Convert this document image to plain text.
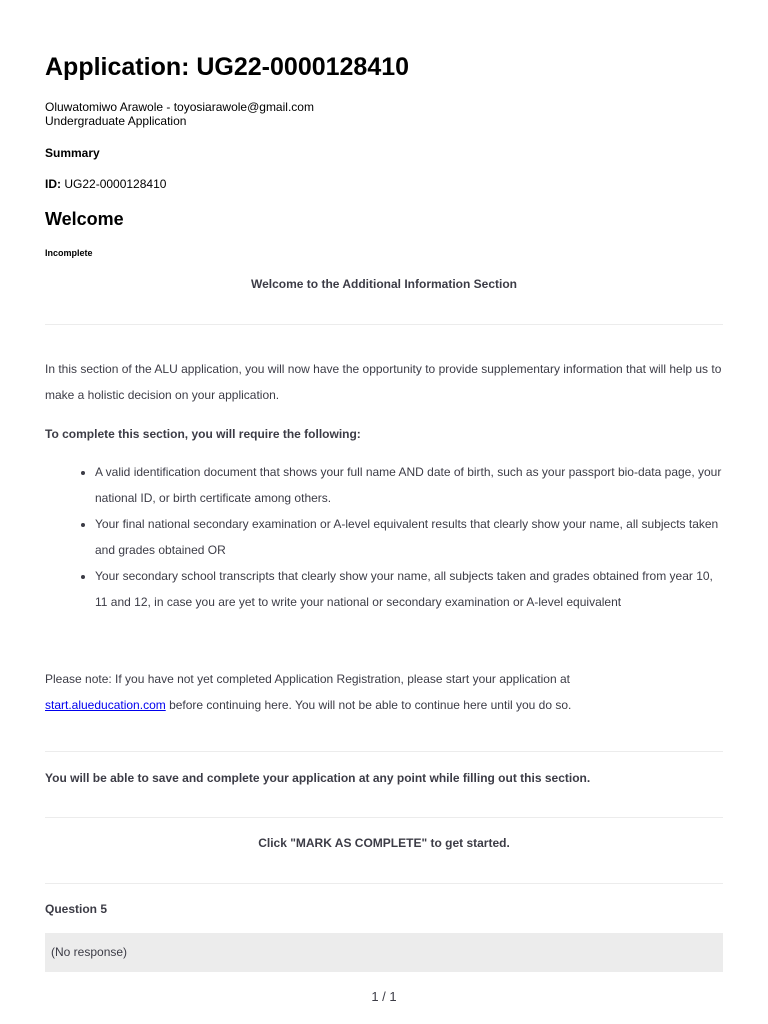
Application: UG22-0000128410
Oluwatomiwo Arawole - toyosiarawole@gmail.com
Undergraduate Application
Summary
ID: UG22-0000128410
Welcome
Incomplete
Welcome to the Additional Information Section

In this section of the ALU application, you will now have the opportunity to provide supplementary information that will help us to make a holistic decision on your application.

To complete this section, you will require the following:
• A valid identification document that shows your full name AND date of birth, such as your passport bio-data page, your national ID, or birth certificate among others.
• Your final national secondary examination or A-level equivalent results that clearly show your name, all subjects taken and grades obtained OR
• Your secondary school transcripts that clearly show your name, all subjects taken and grades obtained from year 10, 11 and 12, in case you are yet to write your national or secondary examination or A-level equivalent

Please note: If you have not yet completed Application Registration, please start your application at
start.alueducation.com before continuing here. You will not be able to continue here until you do so.

You will be able to save and complete your application at any point while filling out this section.
Click "MARK AS COMPLETE" to get started.
Question 5
(No response)
1 / 1
